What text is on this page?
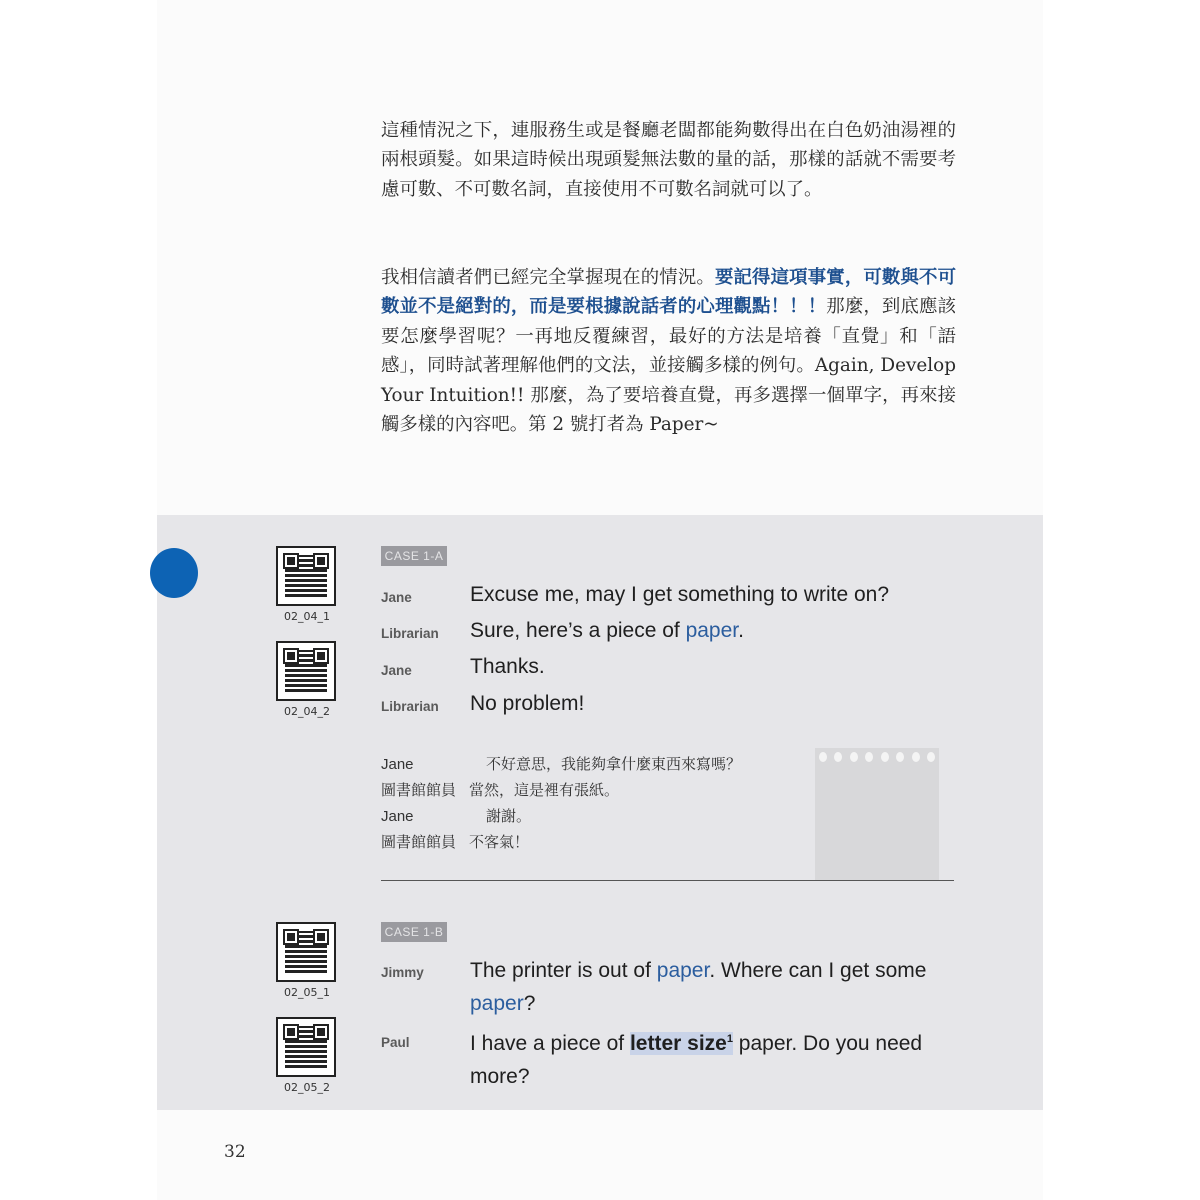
這種情況之下，連服務生或是餐廳老闆都能夠數得出在白色奶油湯裡的兩根頭髮。如果這時候出現頭髮無法數的量的話，那樣的話就不需要考慮可數、不可數名詞，直接使用不可數名詞就可以了。
我相信讀者們已經完全掌握現在的情況。要記得這項事實，可數與不可數並不是絕對的，而是要根據說話者的心理觀點！！！那麼，到底應該要怎麼學習呢？一再地反覆練習，最好的方法是培養「直覺」和「語感」，同時試著理解他們的文法，並接觸多樣的例句。Again, Develop Your Intuition!! 那麼，為了要培養直覺，再多選擇一個單字，再來接觸多樣的內容吧。第 2 號打者為 Paper~
02_04_1
02_04_2
02_05_1
02_05_2
CASE 1-A
Jane	Excuse me, may I get something to write on?
Librarian Sure, here’s a piece of paper.
Jane	Thanks.
Librarian No problem!
Jane	不好意思，我能夠拿什麼東西來寫嗎？
圖書館館員 當然，這是裡有張紙。
Jane	謝謝。
圖書館館員 不客氣！
CASE 1-B
Jimmy The printer is out of paper. Where can I get some paper?
Paul	I have a piece of letter size$^1$ paper. Do you need more?
32
